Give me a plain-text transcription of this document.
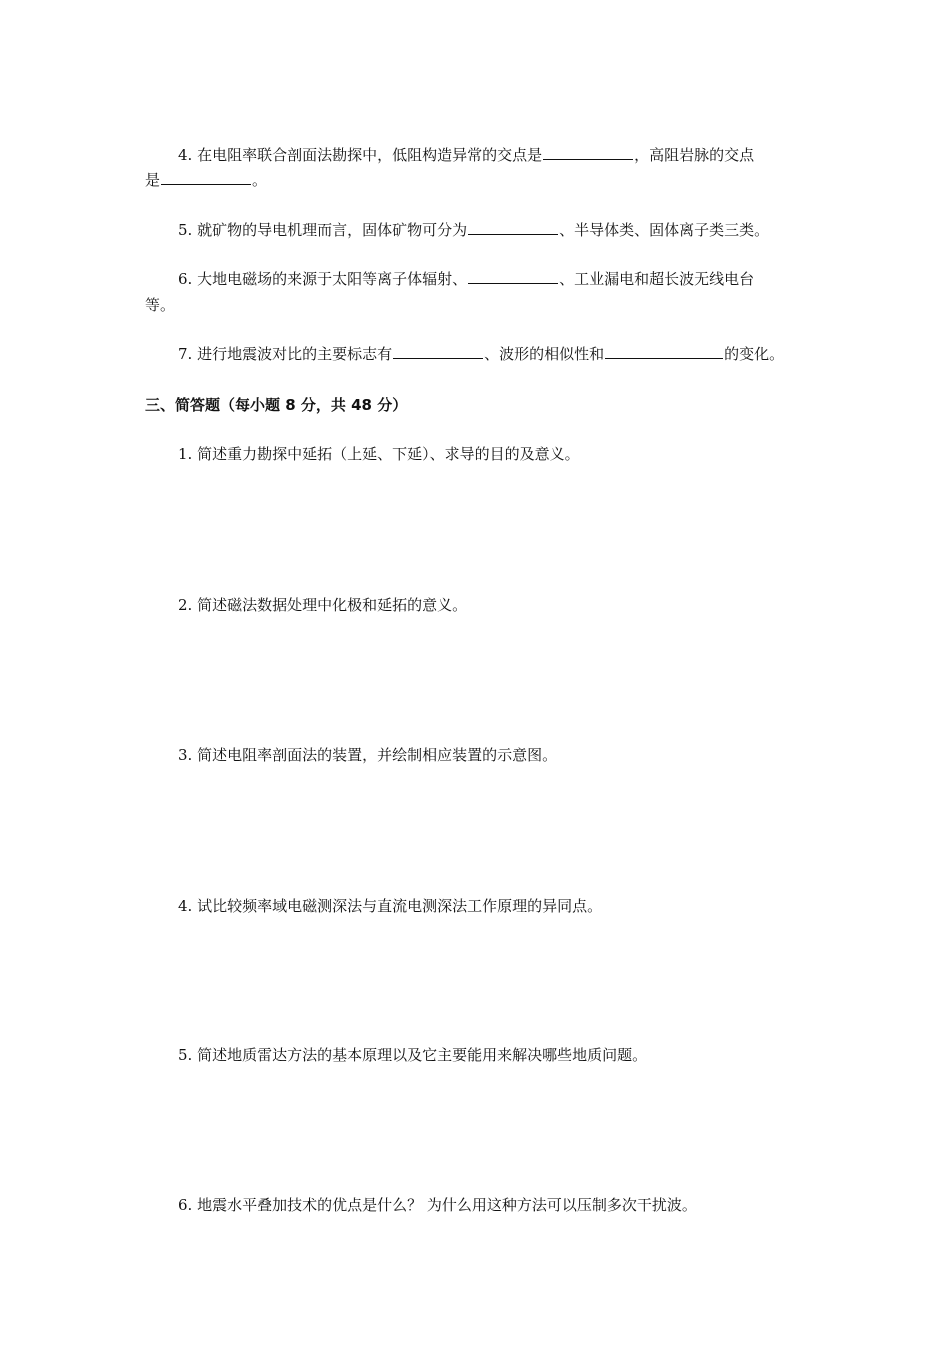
4. 在电阻率联合剖面法勘探中，低阻构造异常的交点是	，高阻岩脉的交点
是	。
5. 就矿物的导电机理而言，固体矿物可分为	、半导体类、固体离子类三类。
6. 大地电磁场的来源于太阳等离子体辐射、	、工业漏电和超长波无线电台
等。
7. 进行地震波对比的主要标志有	、波形的相似性和	的变化。
三、简答题（每小题 8 分，共 48 分）
1. 简述重力勘探中延拓（上延、下延）、求导的目的及意义。
2. 简述磁法数据处理中化极和延拓的意义。
3. 简述电阻率剖面法的装置，并绘制相应装置的示意图。
4. 试比较频率域电磁测深法与直流电测深法工作原理的异同点。
5. 简述地质雷达方法的基本原理以及它主要能用来解决哪些地质问题。
6. 地震水平叠加技术的优点是什么？ 为什么用这种方法可以压制多次干扰波。
